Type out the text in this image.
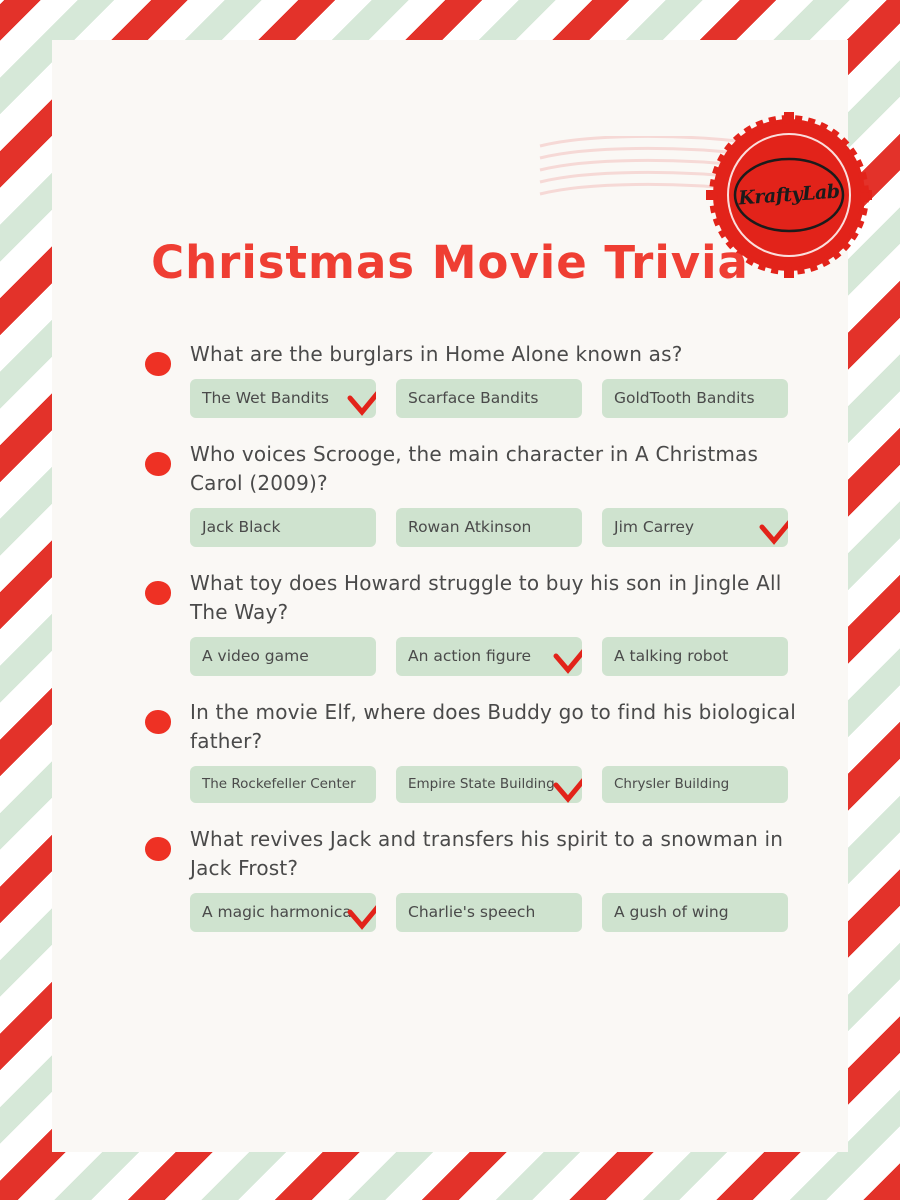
KraftyLab
Christmas Movie Trivia

What are the burglars in Home Alone known as?

The Wet Bandits	Scarface Bandits	GoldTooth Bandits

Who voices Scrooge, the main character in A Christmas Carol (2009)?

Jack Black	Rowan Atkinson	Jim Carrey

What toy does Howard struggle to buy his son in Jingle All The Way?

A video game	An action figure	A talking robot

In the movie Elf, where does Buddy go to find his biological father?

The Rockefeller Center	Empire State Building	Chrysler Building

What revives Jack and transfers his spirit to a snowman in Jack Frost?

A magic harmonica	Charlie's speech	A gush of wing
